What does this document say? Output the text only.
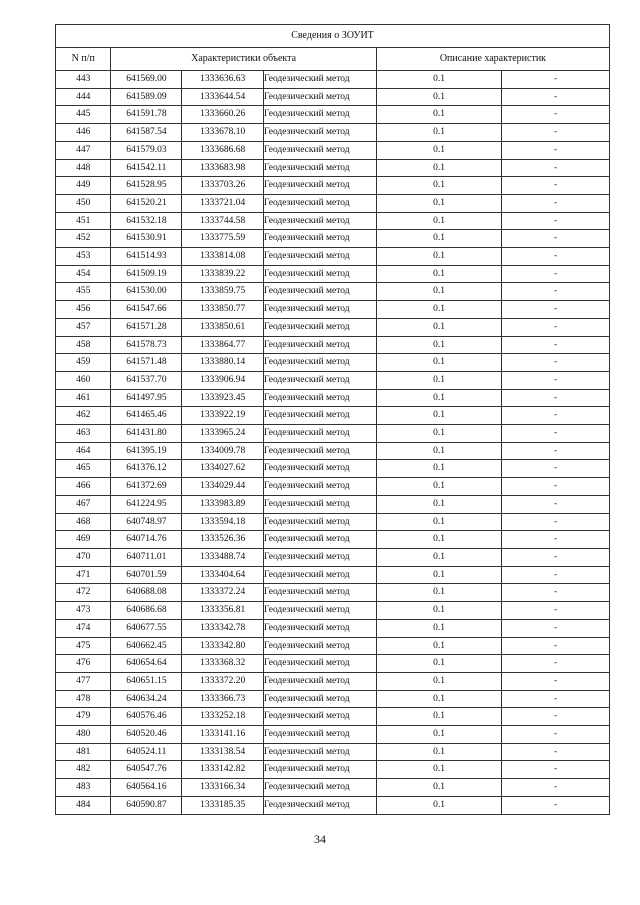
Сведения о ЗОУИТ					
N п/п	Характеристики объекта			Описание характеристик	
443	641569.00	1333636.63	Геодезический метод	0.1	-
444	641589.09	1333644.54	Геодезический метод	0.1	-
445	641591.78	1333660.26	Геодезический метод	0.1	-
446	641587.54	1333678.10	Геодезический метод	0.1	-
447	641579.03	1333686.68	Геодезический метод	0.1	-
448	641542.11	1333683.98	Геодезический метод	0.1	-
449	641528.95	1333703.26	Геодезический метод	0.1	-
450	641520.21	1333721.04	Геодезический метод	0.1	-
451	641532.18	1333744.58	Геодезический метод	0.1	-
452	641530.91	1333775.59	Геодезический метод	0.1	-
453	641514.93	1333814.08	Геодезический метод	0.1	-
454	641509.19	1333839.22	Геодезический метод	0.1	-
455	641530.00	1333859.75	Геодезический метод	0.1	-
456	641547.66	1333850.77	Геодезический метод	0.1	-
457	641571.28	1333850.61	Геодезический метод	0.1	-
458	641578.73	1333864.77	Геодезический метод	0.1	-
459	641571.48	1333880.14	Геодезический метод	0.1	-
460	641537.70	1333906.94	Геодезический метод	0.1	-
461	641497.95	1333923.45	Геодезический метод	0.1	-
462	641465.46	1333922.19	Геодезический метод	0.1	-
463	641431.80	1333965.24	Геодезический метод	0.1	-
464	641395.19	1334009.78	Геодезический метод	0.1	-
465	641376.12	1334027.62	Геодезический метод	0.1	-
466	641372.69	1334029.44	Геодезический метод	0.1	-
467	641224.95	1333983.89	Геодезический метод	0.1	-
468	640748.97	1333594.18	Геодезический метод	0.1	-
469	640714.76	1333526.36	Геодезический метод	0.1	-
470	640711.01	1333488.74	Геодезический метод	0.1	-
471	640701.59	1333404.64	Геодезический метод	0.1	-
472	640688.08	1333372.24	Геодезический метод	0.1	-
473	640686.68	1333356.81	Геодезический метод	0.1	-
474	640677.55	1333342.78	Геодезический метод	0.1	-
475	640662.45	1333342.80	Геодезический метод	0.1	-
476	640654.64	1333368.32	Геодезический метод	0.1	-
477	640651.15	1333372.20	Геодезический метод	0.1	-
478	640634.24	1333366.73	Геодезический метод	0.1	-
479	640576.46	1333252.18	Геодезический метод	0.1	-
480	640520.46	1333141.16	Геодезический метод	0.1	-
481	640524.11	1333138.54	Геодезический метод	0.1	-
482	640547.76	1333142.82	Геодезический метод	0.1	-
483	640564.16	1333166.34	Геодезический метод	0.1	-
484	640590.87	1333185.35	Геодезический метод	0.1	-
34
